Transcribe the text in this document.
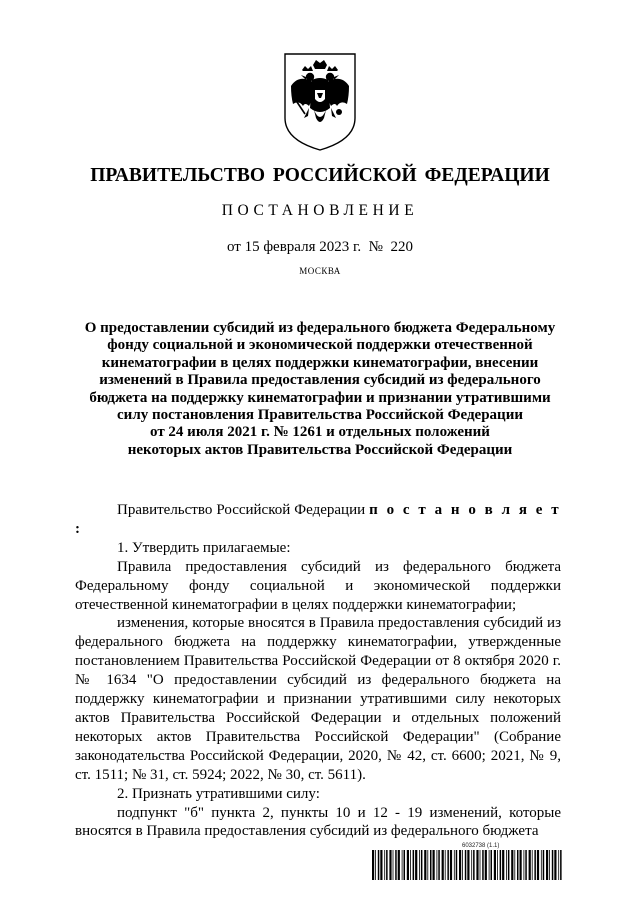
ПРАВИТЕЛЬСТВО РОССИЙСКОЙ ФЕДЕРАЦИИ
ПОСТАНОВЛЕНИЕ
от 15 февраля 2023 г.  №  220
МОСКВА
О предоставлении субсидий из федерального бюджета Федеральному
фонду социальной и экономической поддержки отечественной
кинематографии в целях поддержки кинематографии, внесении
изменений в Правила предоставления субсидий из федерального
бюджета на поддержку кинематографии и признании утратившими
силу постановления Правительства Российской Федерации
от 24 июля 2021 г. № 1261 и отдельных положений
некоторых актов Правительства Российской Федерации

Правительство Российской Федерации п о с т а н о в л я е т :

1. Утвердить прилагаемые:

Правила предоставления субсидий из федерального бюджета Федеральному фонду социальной и экономической поддержки отечественной кинематографии в целях поддержки кинематографии;

изменения, которые вносятся в Правила предоставления субсидий из федерального бюджета на поддержку кинематографии, утвержденные постановлением Правительства Российской Федерации от 8 октября 2020 г. № 1634 "О предоставлении субсидий из федерального бюджета на поддержку кинематографии и признании утратившими силу некоторых актов Правительства Российской Федерации и отдельных положений некоторых актов Правительства Российской Федерации" (Собрание законодательства Российской Федерации, 2020, № 42, ст. 6600; 2021, № 9, ст. 1511; № 31, ст. 5924; 2022, № 30, ст. 5611).

2. Признать утратившими силу:

подпункт "б" пункта 2, пункты 10 и 12 - 19 изменений, которые вносятся в Правила предоставления субсидий из федерального бюджета

6032738 (1.1)
